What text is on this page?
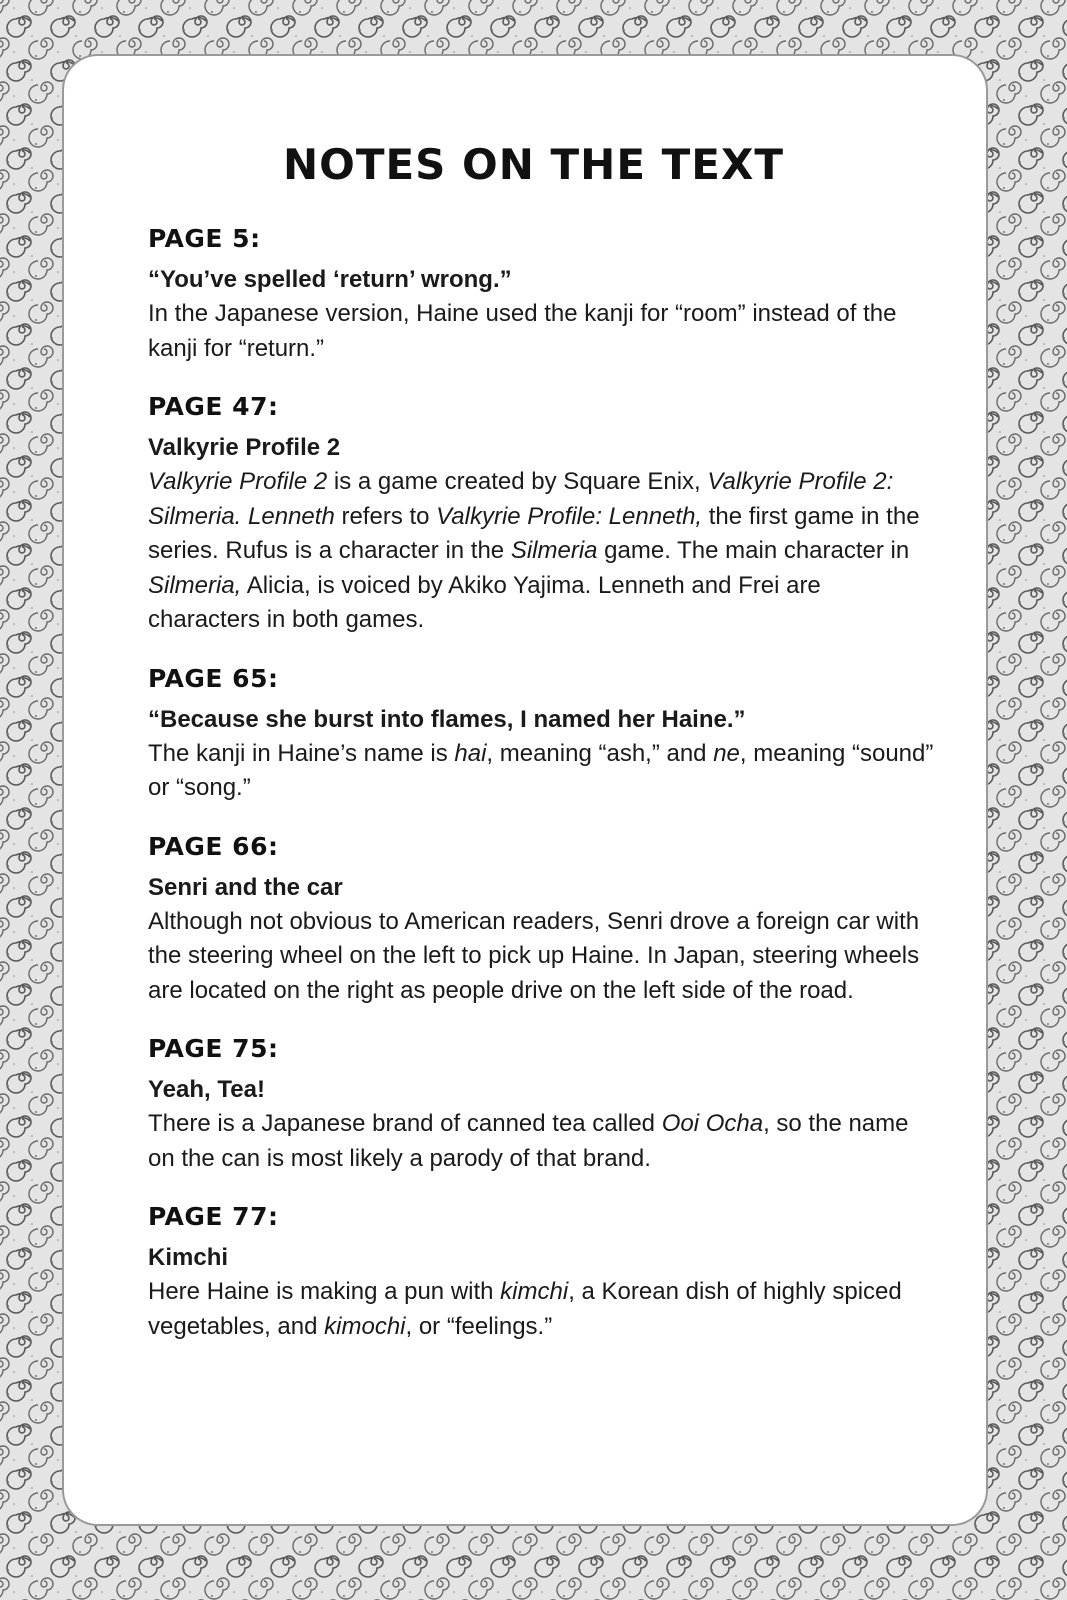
NOTES ON THE TEXT
PAGE 5:

“You’ve spelled ‘return’ wrong.”

In the Japanese version, Haine used the kanji for “room” instead of the kanji for “return.”

PAGE 47:

Valkyrie Profile 2

Valkyrie Profile 2 is a game created by Square Enix, Valkyrie Profile 2: Silmeria. Lenneth refers to Valkyrie Profile: Lenneth, the first game in the series. Rufus is a character in the Silmeria game. The main character in Silmeria, Alicia, is voiced by Akiko Yajima. Lenneth and Frei are characters in both games.

PAGE 65:

“Because she burst into flames, I named her Haine.”

The kanji in Haine’s name is hai, meaning “ash,” and ne, meaning “sound” or “song.”

PAGE 66:

Senri and the car

Although not obvious to American readers, Senri drove a foreign car with the steering wheel on the left to pick up Haine. In Japan, steering wheels are located on the right as people drive on the left side of the road.

PAGE 75:

Yeah, Tea!

There is a Japanese brand of canned tea called Ooi Ocha, so the name on the can is most likely a parody of that brand.

PAGE 77:

Kimchi

Here Haine is making a pun with kimchi, a Korean dish of highly spiced vegetables, and kimochi, or “feelings.”
